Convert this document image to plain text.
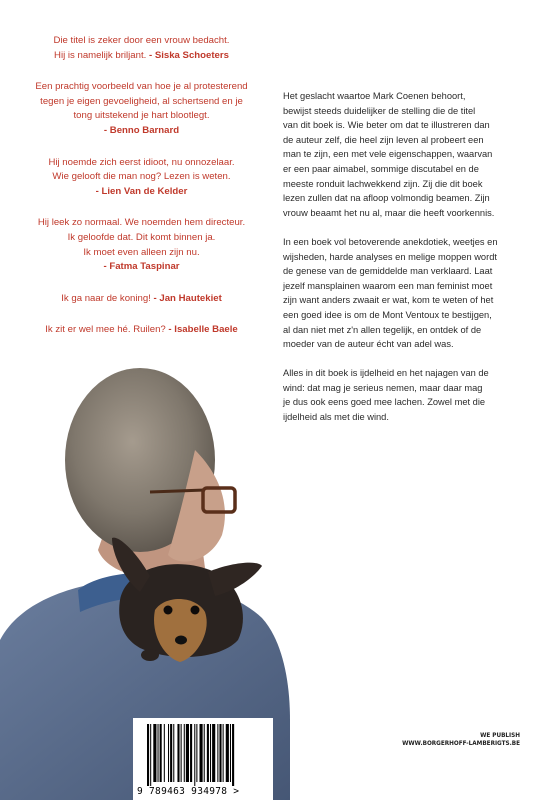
Die titel is zeker door een vrouw bedacht.
Hij is namelijk briljant. - Siska Schoeters
Een prachtig voorbeeld van hoe je al protesterend
tegen je eigen gevoeligheid, al schertsend en je
tong uitstekend je hart blootlegt.
- Benno Barnard
Hij noemde zich eerst idioot, nu onnozelaar.
Wie gelooft die man nog? Lezen is weten.
- Lien Van de Kelder
Hij leek zo normaal. We noemden hem directeur.
Ik geloofde dat. Dit komt binnen ja.
Ik moet even alleen zijn nu.
- Fatma Taspinar
Ik ga naar de koning! - Jan Hautekiet
Ik zit er wel mee hé. Ruilen? - Isabelle Baele

Het geslacht waartoe Mark Coenen behoort,
bewijst steeds duidelijker de stelling die de titel
van dit boek is. Wie beter om dat te illustreren dan
de auteur zelf, die heel zijn leven al probeert een
man te zijn, een met vele eigenschappen, waarvan
er een paar aimabel, sommige discutabel en de
meeste ronduit lachwekkend zijn. Zij die dit boek
lezen zullen dat na afloop volmondig beamen. Zijn
vrouw beaamt het nu al, maar die heeft voorkennis.

In een boek vol betoverende anekdotiek, weetjes en
wijsheden, harde analyses en melige moppen wordt
de genese van de gemiddelde man verklaard. Laat
jezelf mansplainen waarom een man feminist moet
zijn want anders zwaait er wat, kom te weten of het
een goed idee is om de Mont Ventoux te bestijgen,
al dan niet met z'n allen tegelijk, en ontdek of de
moeder van de auteur écht van adel was.

Alles in dit boek is ijdelheid en het najagen van de
wind: dat mag je serieus nemen, maar daar mag
je dus ook eens goed mee lachen. Zowel met die
ijdelheid als met die wind.

9 789463 934978 >
WE PUBLISH
WWW.BORGERHOFF-LAMBERIGTS.BE
